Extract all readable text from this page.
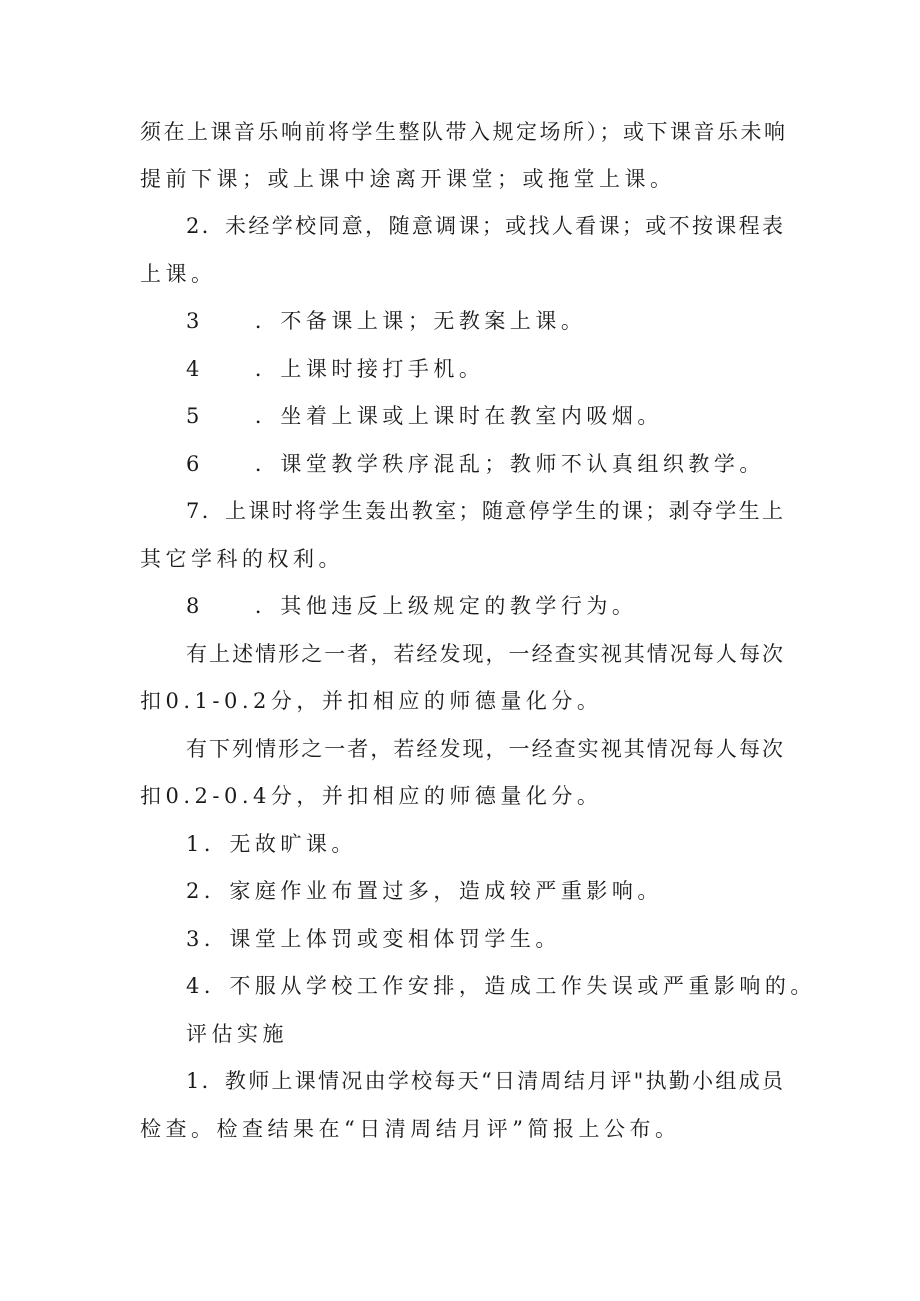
须在上课音乐响前将学生整队带入规定场所）；或下课音乐未响
提前下课；或上课中途离开课堂；或拖堂上课。
2．未经学校同意，随意调课；或找人看课；或不按课程表
上课。
3　　．不备课上课；无教案上课。
4　　．上课时接打手机。
5　　．坐着上课或上课时在教室内吸烟。
6　　．课堂教学秩序混乱；教师不认真组织教学。
7．上课时将学生轰出教室；随意停学生的课；剥夺学生上
其它学科的权利。
8　　．其他违反上级规定的教学行为。
有上述情形之一者，若经发现，一经查实视其情况每人每次
扣0.1-0.2分，并扣相应的师德量化分。
有下列情形之一者，若经发现，一经查实视其情况每人每次
扣0.2-0.4分，并扣相应的师德量化分。
1．无故旷课。
2．家庭作业布置过多，造成较严重影响。
3．课堂上体罚或变相体罚学生。
4．不服从学校工作安排，造成工作失误或严重影响的。
评估实施
1．教师上课情况由学校每天“日清周结月评"执勤小组成员
检查。检查结果在“日清周结月评”简报上公布。
